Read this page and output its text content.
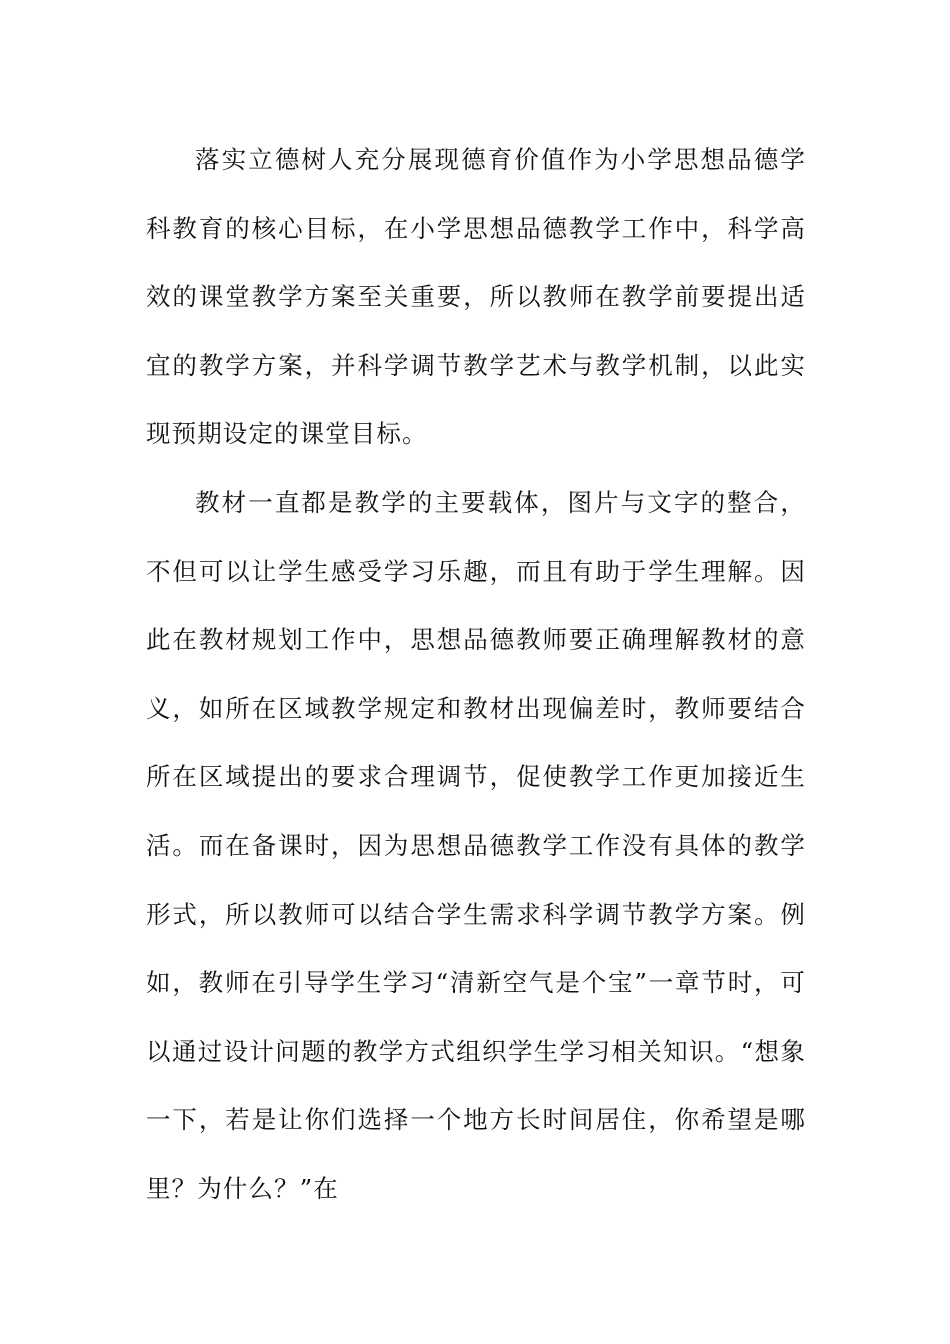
落实立德树人充分展现德育价值作为小学思想品德学科教育的核心目标，在小学思想品德教学工作中，科学高效的课堂教学方案至关重要，所以教师在教学前要提出适宜的教学方案，并科学调节教学艺术与教学机制，以此实现预期设定的课堂目标。

教材一直都是教学的主要载体，图片与文字的整合，不但可以让学生感受学习乐趣，而且有助于学生理解。因此在教材规划工作中，思想品德教师要正确理解教材的意义，如所在区域教学规定和教材出现偏差时，教师要结合所在区域提出的要求合理调节，促使教学工作更加接近生活。而在备课时，因为思想品德教学工作没有具体的教学形式，所以教师可以结合学生需求科学调节教学方案。例如，教师在引导学生学习“清新空气是个宝”一章节时，可以通过设计问题的教学方式组织学生学习相关知识。“想象一下，若是让你们选择一个地方长时间居住，你希望是哪里？为什么？”在
